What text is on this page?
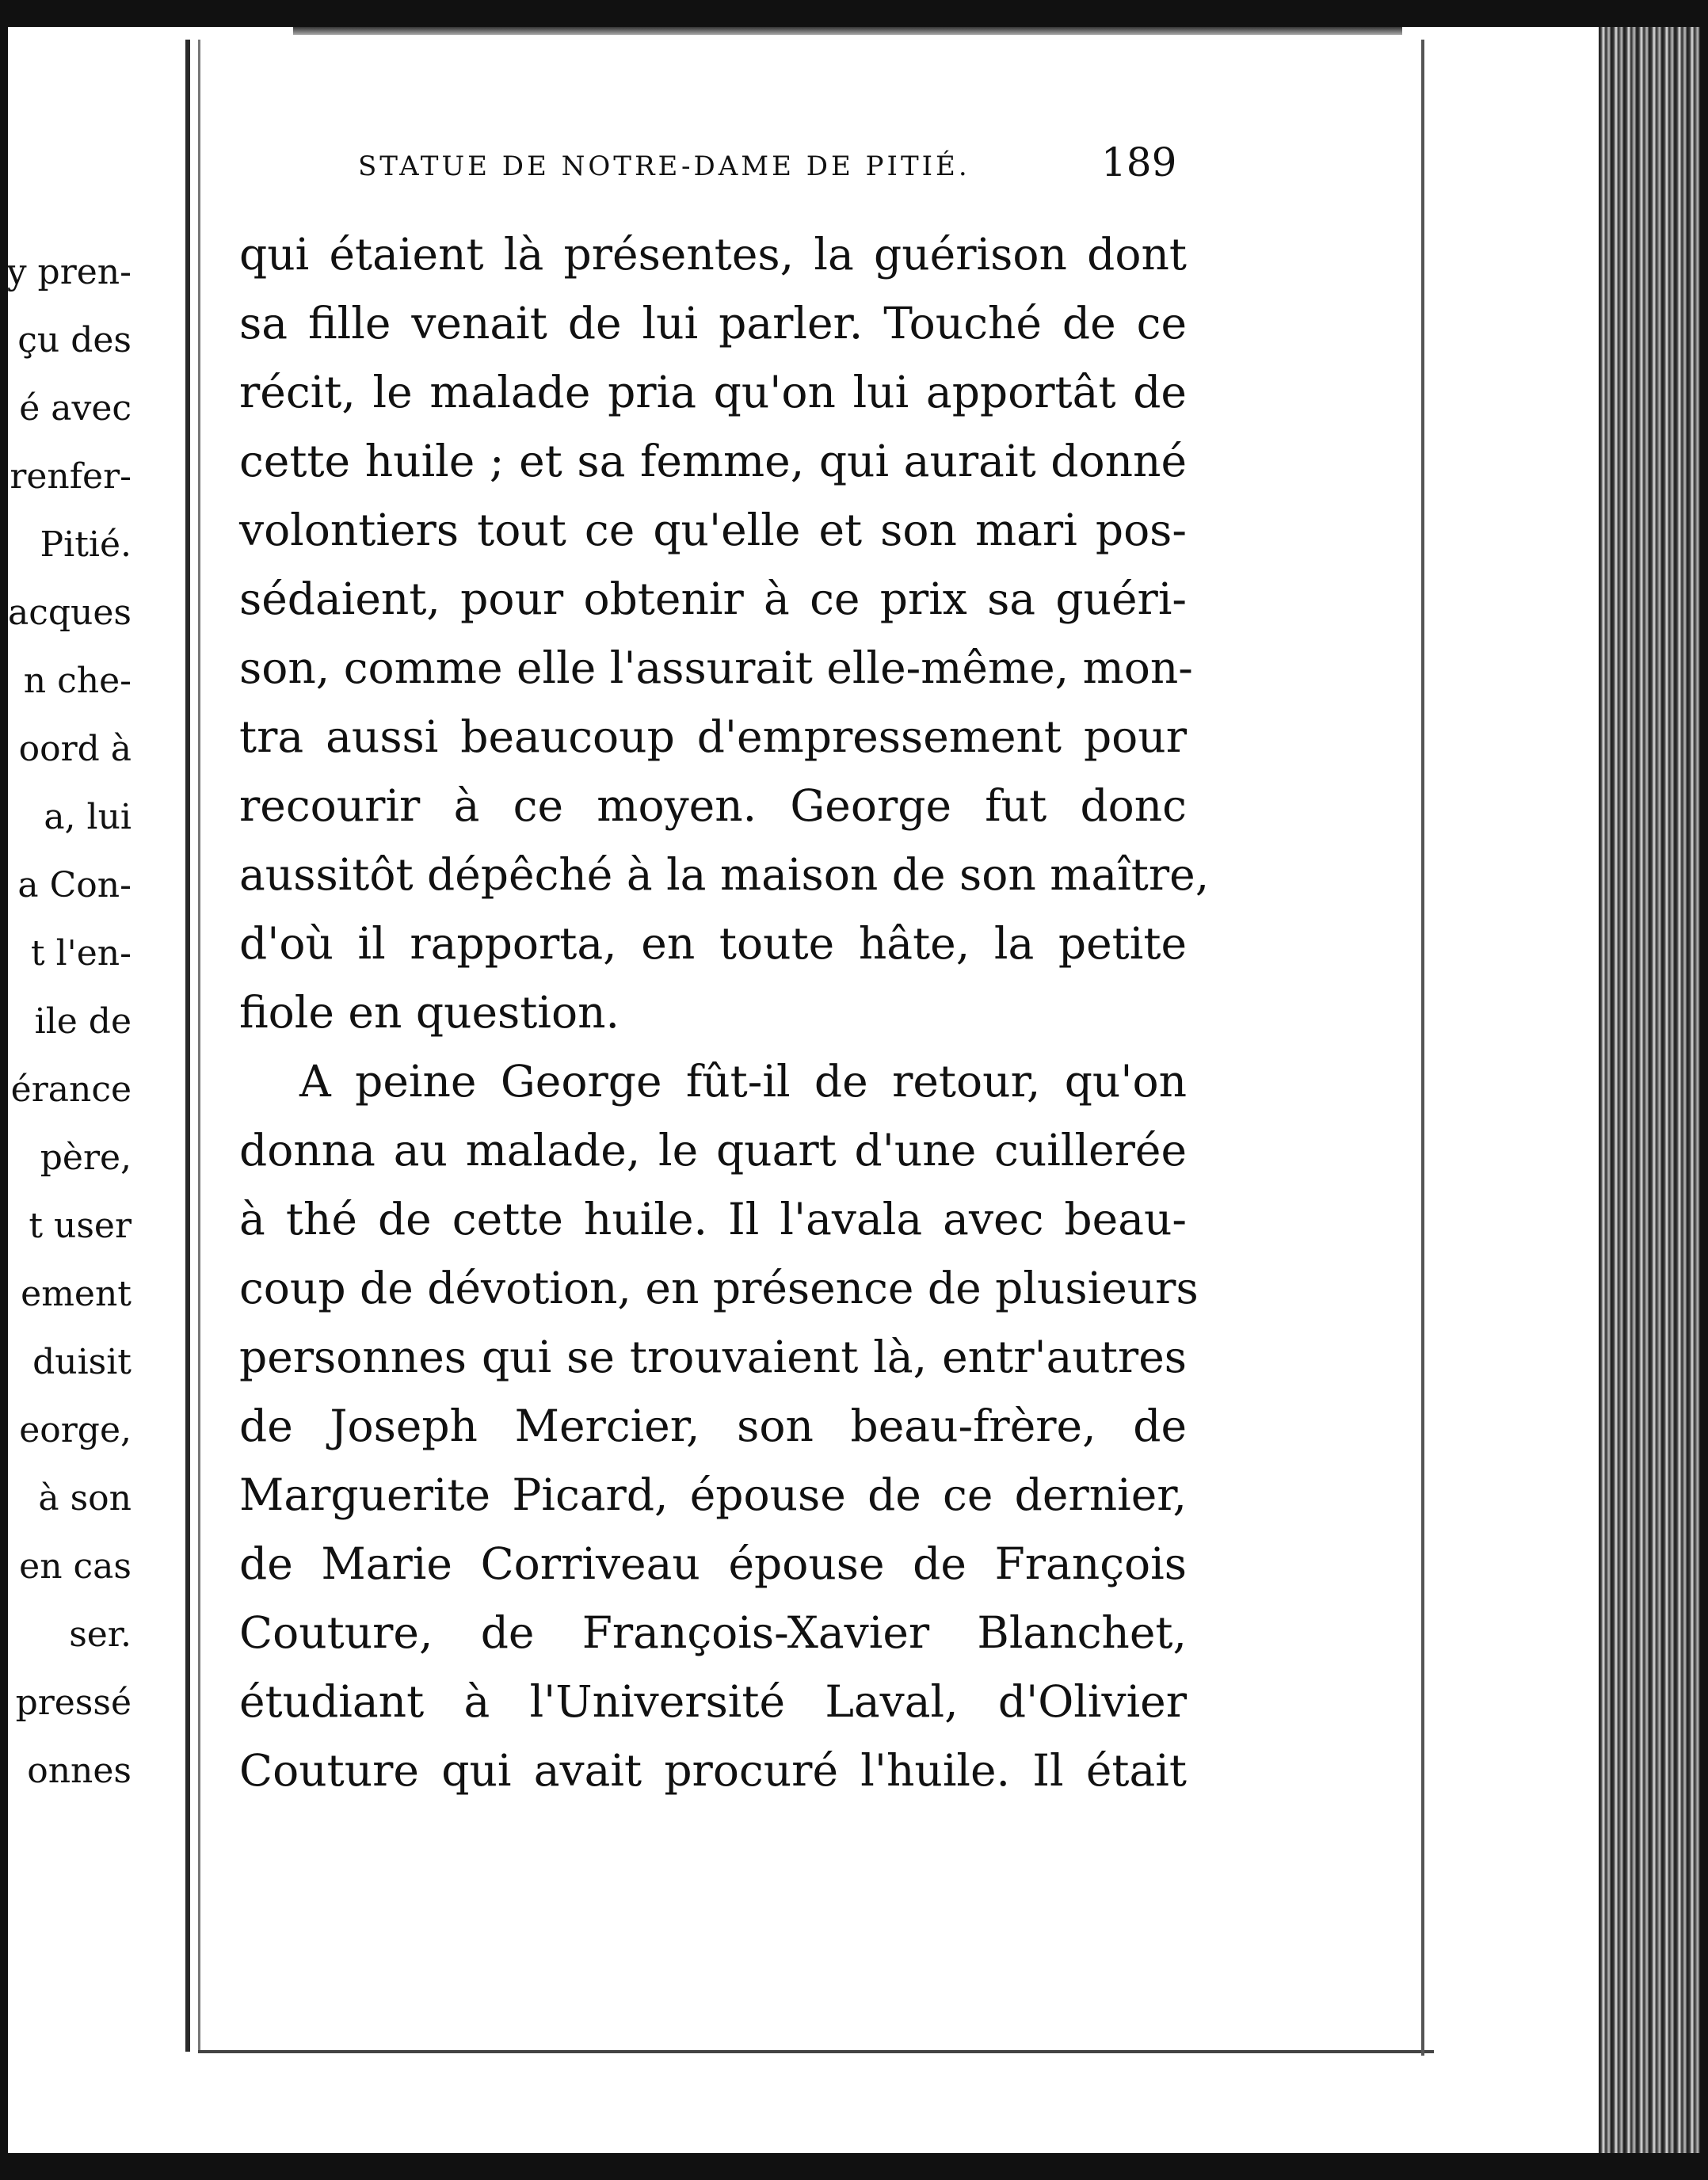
y pren-
çu des
é avec
renfer-
Pitié.
acques
n che-
oord à
a, lui
a Con-
t l'en-
ile de
érance
père,
t user
ement
duisit
eorge,
à son
en cas
ser.
pressé
onnes
STATUE DE NOTRE-DAME DE PITIÉ.	189
qui étaient là présentes, la guérison dont
sa fille venait de lui parler. Touché de ce
récit, le malade pria qu'on lui apportât de
cette huile ; et sa femme, qui aurait donné
volontiers tout ce qu'elle et son mari pos-
sédaient, pour obtenir à ce prix sa guéri-
son, comme elle l'assurait elle-même, mon-
tra aussi beaucoup d'empressement pour
recourir à ce moyen. George fut donc
aussitôt dépêché à la maison de son maître,
d'où il rapporta, en toute hâte, la petite
fiole en question.
A peine George fût-il de retour, qu'on
donna au malade, le quart d'une cuillerée
à thé de cette huile. Il l'avala avec beau-
coup de dévotion, en présence de plusieurs
personnes qui se trouvaient là, entr'autres
de Joseph Mercier, son beau-frère, de
Marguerite Picard, épouse de ce dernier,
de Marie Corriveau épouse de François
Couture, de François-Xavier Blanchet,
étudiant à l'Université Laval, d'Olivier
Couture qui avait procuré l'huile. Il était
